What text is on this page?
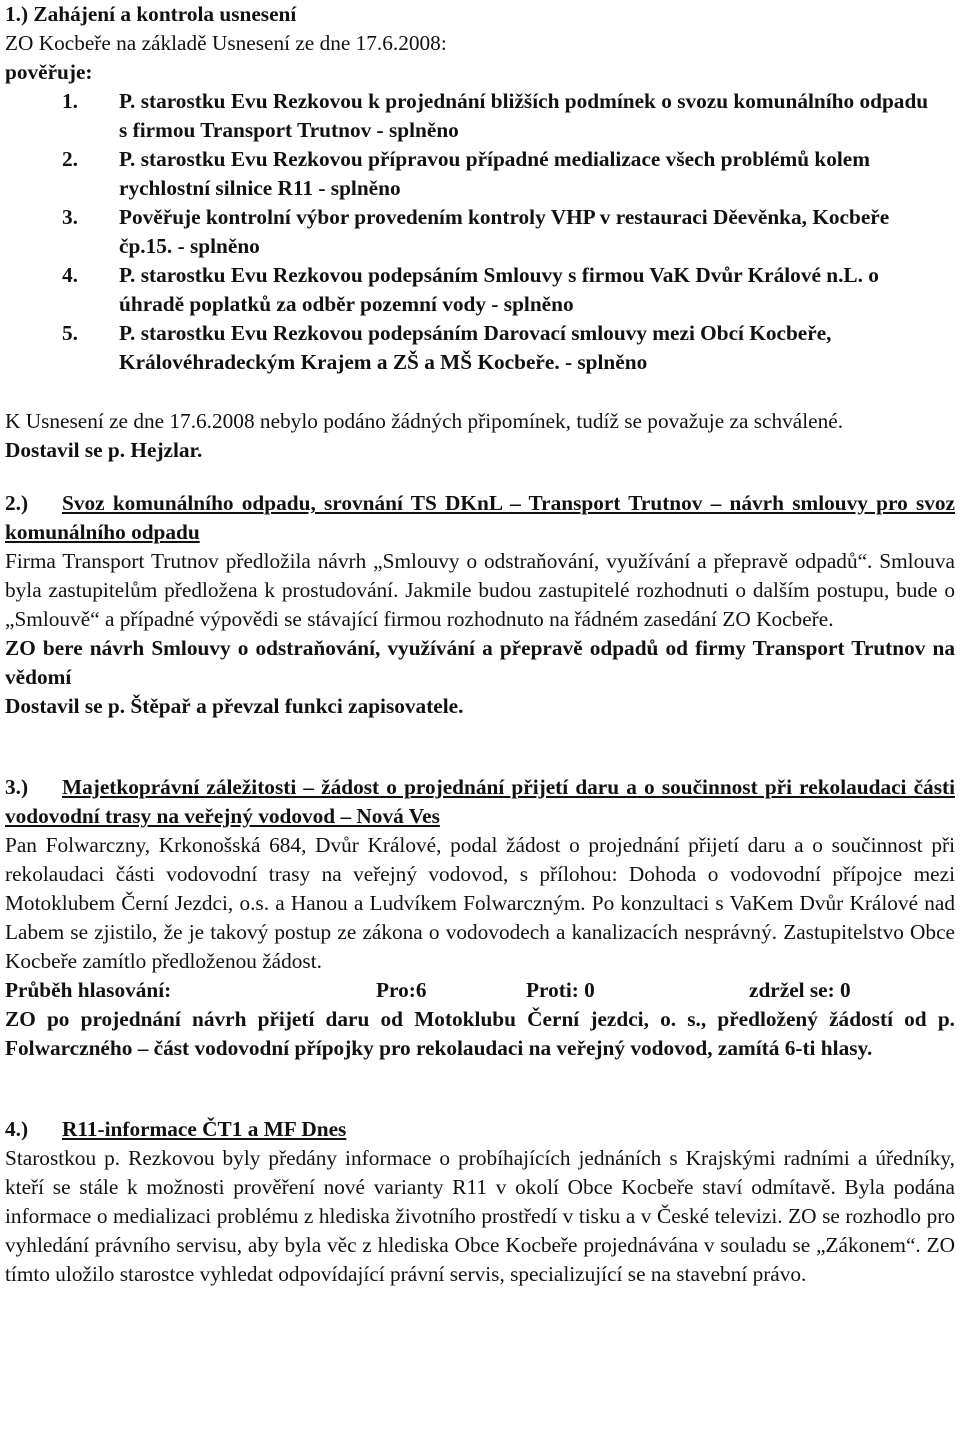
1.) Zahájení a kontrola usnesení

ZO Kocbeře na základě Usnesení ze dne 17.6.2008:

pověřuje:

1.	P. starostku Evu Rezkovou k projednání bližších podmínek o svozu komunálního odpadu s firmou Transport Trutnov - splněno
2.	P. starostku Evu Rezkovou přípravou případné medializace všech problémů kolem rychlostní silnice R11 - splněno
3.	Pověřuje kontrolní výbor provedením kontroly VHP v restauraci Děevěnka, Kocbeře čp.15. - splněno
4.	P. starostku Evu Rezkovou podepsáním Smlouvy s firmou VaK Dvůr Králové n.L. o úhradě poplatků za odběr pozemní vody - splněno
5.	P. starostku Evu Rezkovou podepsáním Darovací smlouvy mezi Obcí Kocbeře, Královéhradeckým Krajem a ZŠ a MŠ Kocbeře. - splněno

K Usnesení ze dne 17.6.2008 nebylo podáno žádných připomínek, tudíž se považuje za schválené.

Dostavil se p. Hejzlar.

2.) Svoz komunálního odpadu, srovnání TS DKnL – Transport Trutnov – návrh smlouvy pro svoz komunálního odpadu

Firma Transport Trutnov předložila návrh „Smlouvy o odstraňování, využívání a přepravě odpadů“. Smlouva byla zastupitelům předložena k prostudování. Jakmile budou zastupitelé rozhodnuti o dalším postupu, bude o „Smlouvě“ a případné výpovědi se stávající firmou rozhodnuto na řádném zasedání ZO Kocbeře.

ZO bere návrh Smlouvy o odstraňování, využívání a přepravě odpadů od firmy Transport Trutnov na vědomí

Dostavil se p. Štěpař a převzal funkci zapisovatele.

3.) Majetkoprávní záležitosti – žádost o projednání přijetí daru a o součinnost při rekolaudaci části vodovodní trasy na veřejný vodovod – Nová Ves

Pan Folwarczny, Krkonošská 684, Dvůr Králové, podal žádost o projednání přijetí daru a o součinnost při rekolaudaci části vodovodní trasy na veřejný vodovod, s přílohou: Dohoda o vodovodní přípojce mezi Motoklubem Černí Jezdci, o.s. a Hanou a Ludvíkem Folwarczným. Po konzultaci s VaKem Dvůr Králové nad Labem se zjistilo, že je takový postup ze zákona o vodovodech a kanalizacích nesprávný. Zastupitelstvo Obce Kocbeře zamítlo předloženou žádost.

Průběh hlasování:	Pro:6	Proti: 0	zdržel se: 0

ZO po projednání návrh přijetí daru od Motoklubu Černí jezdci, o. s., předložený žádostí od p. Folwarczného – část vodovodní přípojky pro rekolaudaci na veřejný vodovod, zamítá 6-ti hlasy.

4.) R11-informace ČT1 a MF Dnes

Starostkou p. Rezkovou byly předány informace o probíhajících jednáních s Krajskými radními a úředníky, kteří se stále k možnosti prověření nové varianty R11 v okolí Obce Kocbeře staví odmítavě. Byla podána informace o medializaci problému z hlediska životního prostředí v tisku a v České televizi. ZO se rozhodlo pro vyhledání právního servisu, aby byla věc z hlediska Obce Kocbeře projednávána v souladu se „Zákonem“. ZO tímto uložilo starostce vyhledat odpovídající právní servis, specializující se na stavební právo.
